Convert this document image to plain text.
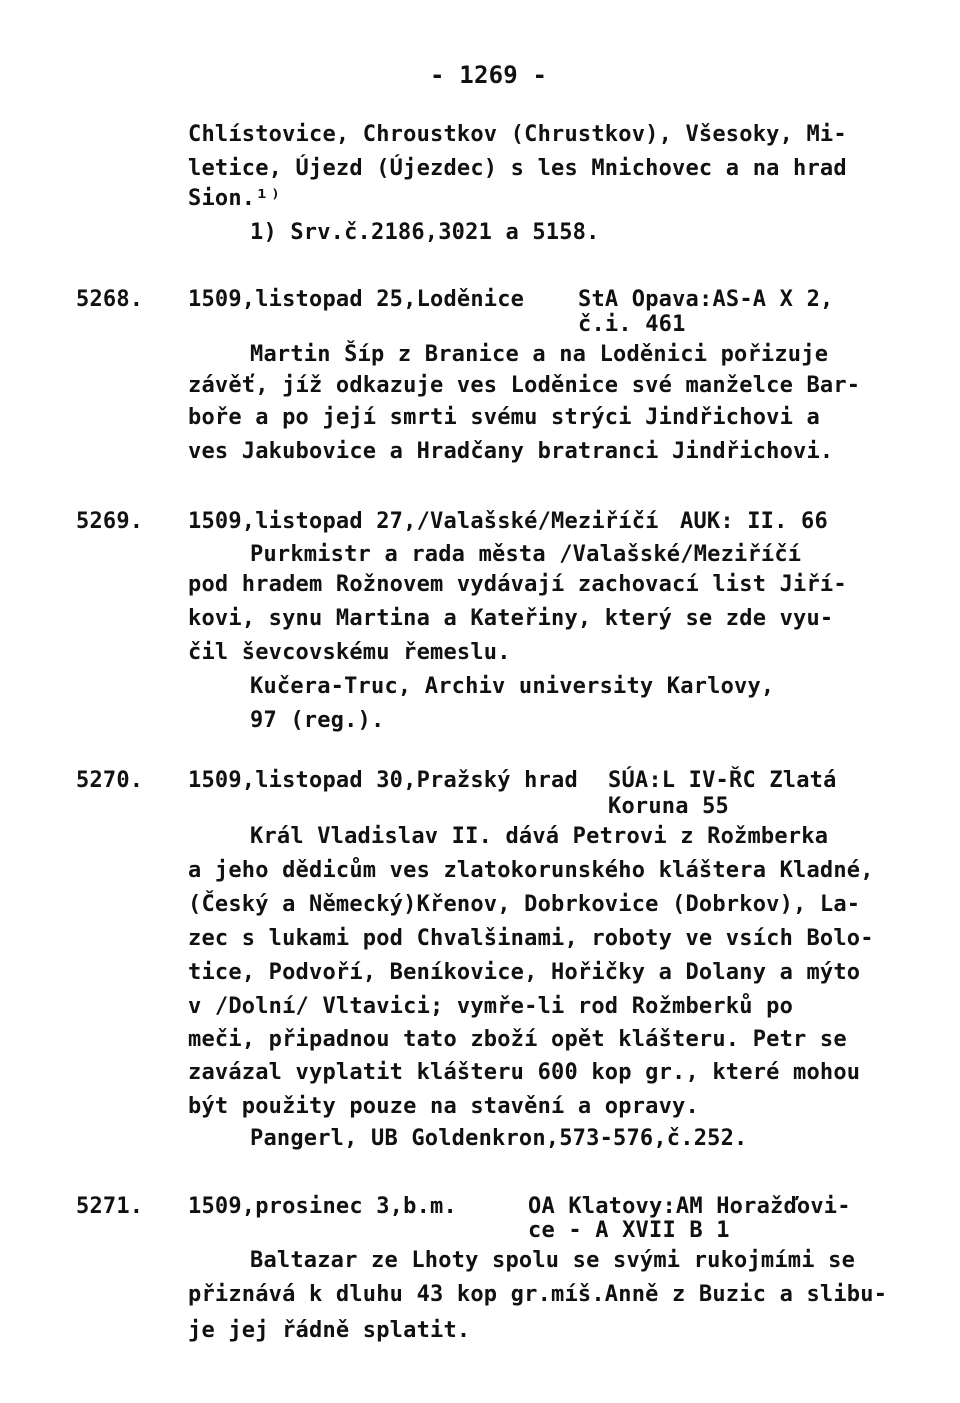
- 1269 -
Chlístovice, Chroustkov (Chrustkov), Všesoky, Mi-
letice, Újezd (Újezdec) s les Mnichovec a na hrad
Sion.¹⁾
1) Srv.č.2186,3021 a 5158.
5268. 1509,listopad 25,Loděnice StA Opava:AS-A X 2,
č.i. 461
Martin Šíp z Branice a na Loděnici pořizuje
závěť, jíž odkazuje ves Loděnice své manželce Bar-
boře a po její smrti svému strýci Jindřichovi a
ves Jakubovice a Hradčany bratranci Jindřichovi.
5269. 1509,listopad 27,/Valašské/Meziříčí AUK: II. 66
Purkmistr a rada města /Valašské/Meziříčí
pod hradem Rožnovem vydávají zachovací list Jiří-
kovi, synu Martina a Kateřiny, který se zde vyu-
čil ševcovskému řemeslu.
Kučera-Truc, Archiv university Karlovy,
97 (reg.).
5270. 1509,listopad 30,Pražský hrad SÚA:L IV-ŘC Zlatá
Koruna 55
Král Vladislav II. dává Petrovi z Rožmberka
a jeho dědicům ves zlatokorunského kláštera Kladné,
(Český a Německý)Křenov, Dobrkovice (Dobrkov), La-
zec s lukami pod Chvalšinami, roboty ve vsích Bolo-
tice, Podvoří, Beníkovice, Hořičky a Dolany a mýto
v /Dolní/ Vltavici; vymře-li rod Rožmberků po
meči, připadnou tato zboží opět klášteru. Petr se
zavázal vyplatit klášteru 600 kop gr., které mohou
být použity pouze na stavění a opravy.
Pangerl, UB Goldenkron,573-576,č.252.
5271. 1509,prosinec 3,b.m.	OA Klatovy:AM Horažďovi-
ce - A XVII B 1
Baltazar ze Lhoty spolu se svými rukojmími se
přiznává k dluhu 43 kop gr.míš.Anně z Buzic a slibu-
je jej řádně splatit.
